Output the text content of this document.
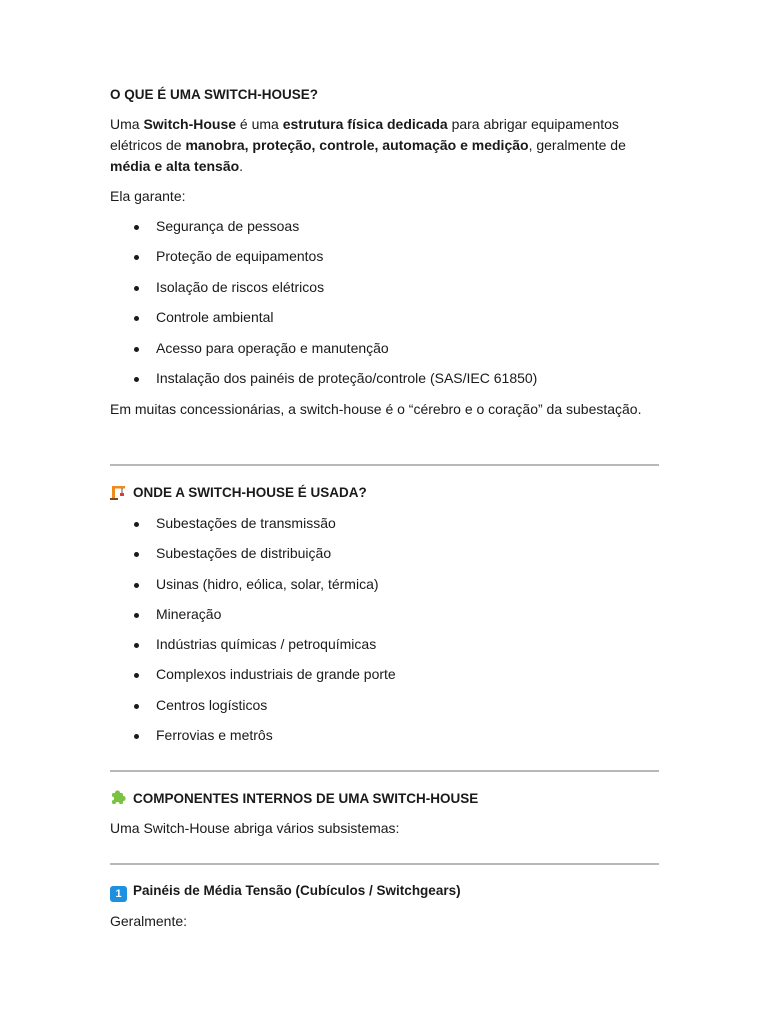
O QUE É UMA SWITCH-HOUSE?
Uma Switch-House é uma estrutura física dedicada para abrigar equipamentos elétricos de manobra, proteção, controle, automação e medição, geralmente de média e alta tensão.
Ela garante:
Segurança de pessoas
Proteção de equipamentos
Isolação de riscos elétricos
Controle ambiental
Acesso para operação e manutenção
Instalação dos painéis de proteção/controle (SAS/IEC 61850)
Em muitas concessionárias, a switch-house é o “cérebro e o coração” da subestação.
ONDE A SWITCH-HOUSE É USADA?
Subestações de transmissão
Subestações de distribuição
Usinas (hidro, eólica, solar, térmica)
Mineração
Indústrias químicas / petroquímicas
Complexos industriais de grande porte
Centros logísticos
Ferrovias e metrôs
COMPONENTES INTERNOS DE UMA SWITCH-HOUSE
Uma Switch-House abriga vários subsistemas:
1 Painéis de Média Tensão (Cubículos / Switchgears)
Geralmente:
